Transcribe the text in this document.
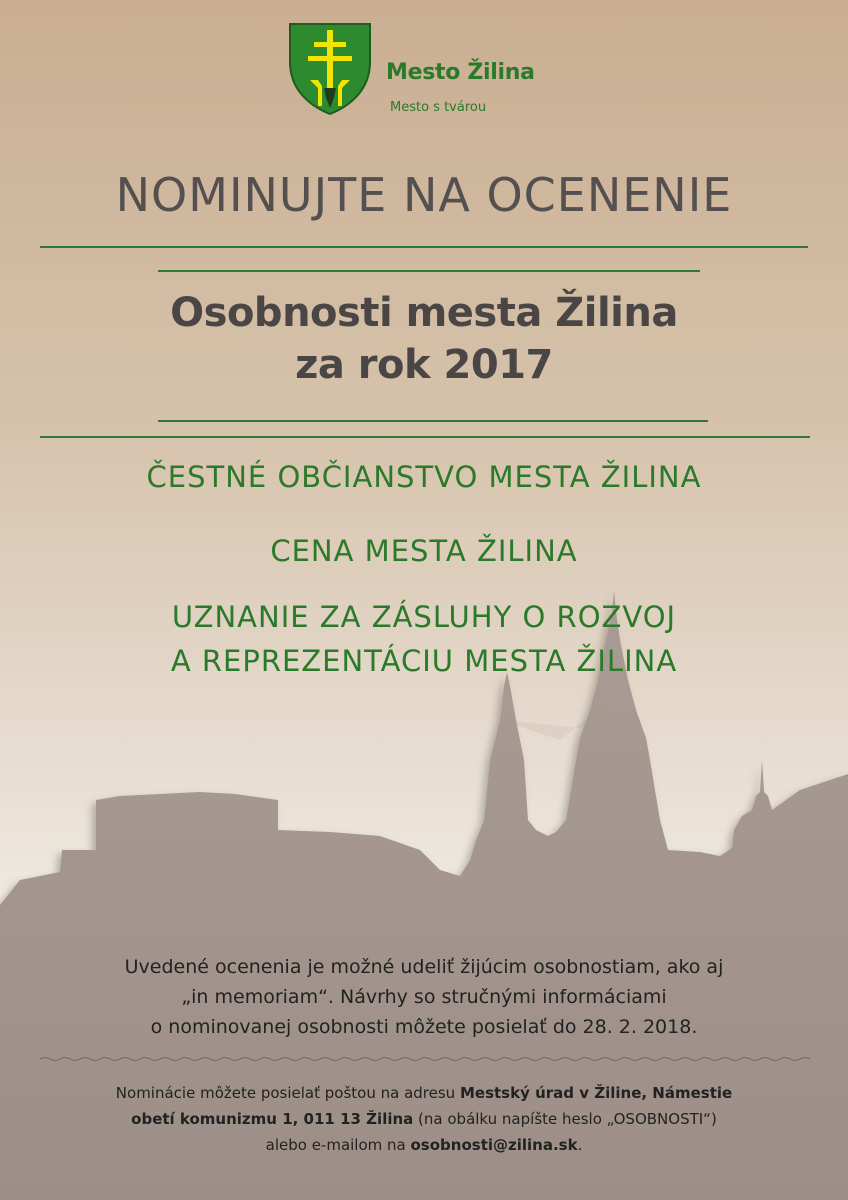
Mesto Žilina

Mesto s tvárou

NOMINUJTE NA OCENENIE
Osobnosti mesta Žilina
za rok 2017

ČESTNÉ OBČIANSTVO MESTA ŽILINA

CENA MESTA ŽILINA

UZNANIE ZA ZÁSLUHY O ROZVOJ

A REPREZENTÁCIU MESTA ŽILINA

Uvedené ocenenia je možné udeliť žijúcim osobnostiam, ako aj

„in memoriam“. Návrhy so stručnými informáciami

o nominovanej osobnosti môžete posielať do 28. 2. 2018.

Nominácie môžete posielať poštou na adresu Mestský úrad v Žiline, Námestie

obetí komunizmu 1, 011 13 Žilina (na obálku napíšte heslo „OSOBNOSTI“)

alebo e-mailom na osobnosti@zilina.sk.
